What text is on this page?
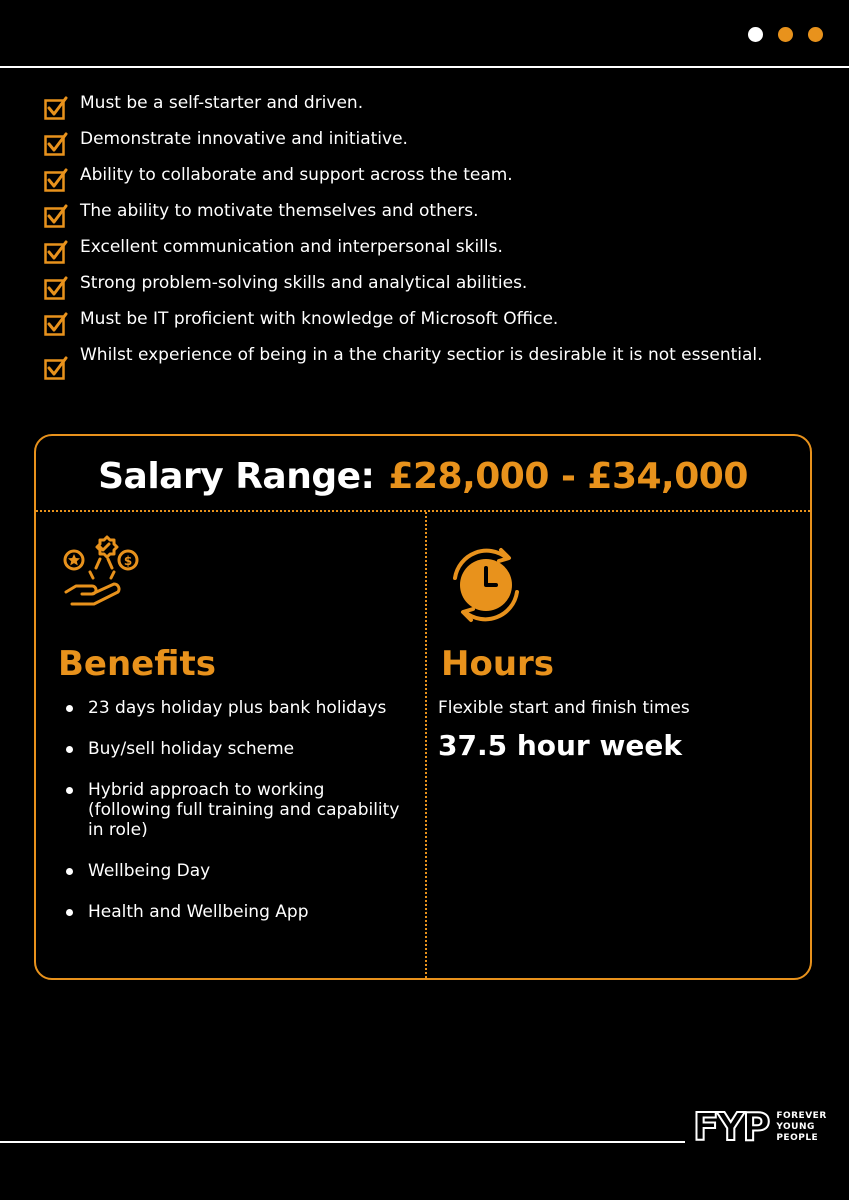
Must be a self-starter and driven.
Demonstrate innovative and initiative.
Ability to collaborate and support across the team.
The ability to motivate themselves and others.
Excellent communication and interpersonal skills.
Strong problem-solving skills and analytical abilities.
Must be IT proficient with knowledge of Microsoft Office.
Whilst experience of being in a the charity sectior is desirable it is not essential.
Salary Range: £28,000 - £34,000
$
Benefits
23 days holiday plus bank holidays
Buy/sell holiday scheme
Hybrid approach to working (following full training and capability in role)
Wellbeing Day
Health and Wellbeing App
Hours
Flexible start and finish times
37.5 hour week
FYP FOREVER
YOUNG
PEOPLE
